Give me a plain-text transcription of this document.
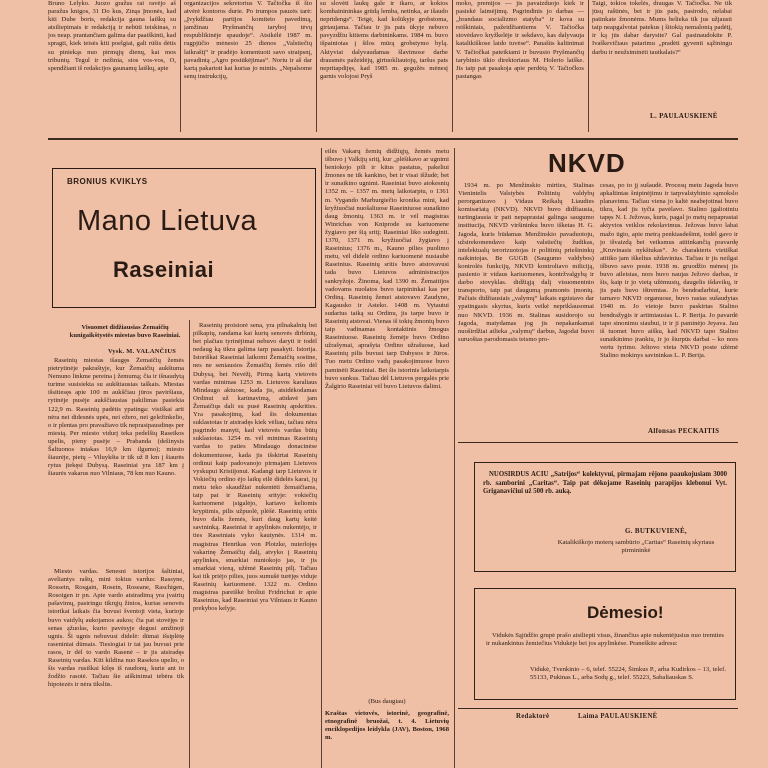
Bruno Lelyko. Juozo gražus rai ravėjo aš paražus knigos, 31 Do kus, Zinąs Įmonės, kad kiti Dube boris, redakcija gauna laiškų su atsiliepimais ir redakciją ir nebūti teiskinas, o jos neap. prantančiam galima dar paaiškinti, kad spragti, kiek teisės kiti poelgiai, gali rūšis dėtis su piniekąs nuo pirmųjų dienų, kai mos tribunių. Tegul ir nežinia, sios vos-vos, O, spendžiant iš redakcijos gaunamų laiškų, apie

organizacijos sekretorius V. Tačiočka iš šio atvėrė kontoros durie. Po trumpos pauzės tarė: „Įvykdžiau partijos komiteto pavedimą, įamžinau Pryšmančių taryboj tėvų respublikinėje spaudoje“. Atsikėlė 1987 m. rugpjūčio mėnesio 25 dienos „Valstiečių laikraštį“ ir pradėjo komentuoti savo straipsnį, pavadintą „Agro postūkėjimas“. Noriu ir aš dar kartą pakartoti kai kurias jo mintis. „Nepalsome senų instrukcijų,

su slovėti laukų gale ir ikaro, ar kokios kombainininkas grūdą lemba, netinka, ar išaudo nepridengs“. Teigė, kad kolūkyje grobstoma, girtaujama. Tačiau ir jis pats ūkyje nebuvo pavyzdžiu kitiems darbininkams. 1984 m. buvo išpainiotas į šilos mūrą grobstymo bylą. Aktyviai dalyvaudamas šlavimose darbe drausmės pažeidėjų, girtuokliautojų, taršus pats nepritapdijęs, kad 1985 m. gegužės mėnesį garnis volojosi Pryš

moko, premijos — jis pavaizduojo kiek ir pasiekė laimėjimų. Pagrindinis jo darbas — „brandaus socializmo statyba“ ir kova su reiškiniais, pažeidžiantiems V. Tačiočka stovėdavo kryžkelėje ir sekdavo, kas dalyvauja katalikiškose laido tuvėse“. Panašūs kaltinimai V. Tačiočkai pateikiami ir buvusio Pryšmančių tarybinio ūkio direktoriaus M. Holerio laiške. Jis taip pat pasakoja apie perdėtą V. Tačiočkos pastangas

Taigi, tokios tokelės, draugas V. Tačiočka. Ne tik jūsų raštinės, bet ir jūs pats, pasirodo, nelabai patinkate žmonėms. Mums belieka tik jus užjausti taip neapgalvotai patekus į šitokią nemalonią padėtį, ir ką jūs dabar darysite? Gal pasinaudokite P. Ivaškevičiaus patarimu „pradėti gyventi sąžiningu darbu ir neužsiminėti tautkalais?“

L. PAULAUSKIENĖ
BRONIUS KVIKLYS
Mano Lietuva
Raseiniai
Visuomet didžiausias Žemaičių kunigaikštystės miestas buvo Raseiniai.
Vysk. M. VALANČIUS

Raseinių miestas išaugęs Žemaičių žemės pietrytinėje pakraštyje, kur Žemaičių aukštuma Nemuno linkme pereina į žemumą; čia ir išnaudytą turime susisiekta su aukštiausias taškais. Miestas išsitiesęs apie 100 m aukščiau jūros paviršiaus, rytinėje pusėje aukščiausias pakilimas pasiekia 122,9 m. Raseinių padėtis ypatinga: visiškai arti nėra nei didesnės upės, nei ežero, nei geležinkelio, o ir plentas pro pravažiavo tik neprasipausdinęs per miestą. Per miesto vidurį teka pedelšių Raseikos upelis, pieny pusėje – Prabanda (dešinysis Šaltuonos intakas 16,9 km ilgumo); miesto šiaurėje, pietų – Viluykšta ir tik už 8 km į šiaurės rytus įtekęsi Dubysą. Raseiniai yra 187 km į šiaurės vakarus nuo Vilniaus, 78 km nuo Kauno.

Miesto vardas. Senesni istorijos šaltiniai, aveliantys raštų, mini tokius vardus: Rassyne, Rossein, Rosgain, Rosein, Roseane, Raschigen, Rosoigen ir pn. Apie vardo atsiradimą yra įvairių pašavimų, pasiringu tikrųjų žinios, kurias senovės istorikai laikais čia buvusi šventoji vieta, kurioje buvo vaidylų aukojamos aukos; čia pat stovėjęs ir senas ąžuolas, kurio pavėsyje degusi amžinoji ugnis. Ši ugnis nebuvusi didelė: dūmai išsiplėtę raseniniai dūmais. Tiesiogiai ir tai jau buvusi prie rasos, ir dėl to vardo Rasenė – ir jis atsiradęs Raseinių vardas. Kiti kildina nuo Rasekos upelio, o šis vardas rusiškai kilęs iš raudonų, kurie ant to žodžio rasotė. Tačiau šie aiškinimai tebėra tik hipotezės ir nėra tikslūs.

Raseinių proistorė sena, yra pilnakalnių bei pilkapių, randama kai kurių senovės dirbinių, bet plačiau tyrinėjimai nebuvo daryti ir todėl nedaug ką tikra galima tarp pasakyti. Istorija. Istoriškai Raseiniai laikomi Žemaičių sostine, nes ne seniausios Žemaičių žemės rišo dėl Dubysą, bet Nevėžį, Pirmą kartą vietovės vardas minimas 1253 m. Lietuvos karaliaus Mindaugo aktuose, kada jis, atsidėkodamas Ordinui už karūnavimą, atidavė jam Žemaičiųs dali su pusė Raseinių apskrities. Yra pasakojimų, kad šis dokumentas suklastotas ir atsiradęs kiek vėliau, tačiau nėra pagrindo manyti, kad vietovės vardas būtų suklastotas. 1254 m. vėl minimas Raseinių vardas to paties Mindaugo donacinėse dokumentuose, kada jis išskirtai Raseinių ordinui kaip padovanojo pirmajam Lietuvos vyskupui Kristijonui. Kadangi tarp Lietuvos ir Vokiečių ordino ėjo laikų eilė didelės karai, jų metu teko skaudžiai nukentėti žemaičiams, taip pat ir Raseinių srityje: vokiečių kariuomenė įsigalėjo, kariavo keliomis kryptimis, pilis užpuolė, plėšė. Raseinių sritis buvo dalis žemės, kuri daug kartų keitė savininką. Raseiniai ir apylinkės nukentėjo, ir ties Raseiniais vyko kautynės. 1314 m. magistras Henrikas von Plotzke, nuterlojęs vakarinę Žemaičių dalį, atvyko į Raseinių apylinkes, smarkiai nuniokojo jas, ir jis smarkiai vieną, užėmė Raseinių pilį. Tačiau kai tik priėjo pilies, juos sumušė turėjęs viduje Raseinių kariuomenė. 1322 m. Ordino magistras pareiškė broliui Fridrichui ir apie Raseinius, kad Raseiniai yra Vilniaus ir Kauno prekybos kelyje.

eilės Vakarų žemių didžiųjų, žemės metu išbuvo į Valkijų sritį, kur „plėšikavo ar ugnimi beniokojo pili ir kitus pastatus, pakeliui žmones ne tik kankino, bet ir visai išžudė; bet ir sunaikino ugnimi. Raseiniai buvo atokesnių 1352 m. – 1357 m. metų laikotarpiu, o 1361 m. Vygando Marburgiečio kronika mini, kad kryžiuočiai nuošaliuose Raseiniuose sunaikino daug žmonių. 1363 m. ir vėl magistras Winrichas von Kniprode su kariuomene žygiavo per šią sritį; Raseiniai liko sudeginti. 1370, 1371 m. kryžiuočiai žygiavo į Raseinius; 1376 m., Kauno pilies puolimo metu, vėl didelė ordino kariuomenė nusiaubė Raseinius. Raseinių sritis buvo atstovavusi tada buvo Lietuvos administracijos sankryžoje. Žinoma, kad 1390 m. Žemaitijos vadovams nuolatos buvo tarpininkai kas per Ordiną. Raseinių žemei atstovavo Zaudyno, Kagausko ir Asteko. 1408 m. Vytautui sudarius taiką su Ordinu, jis tarpe buvo ir Raseinių atstovai. Vienas iš tokių žmonių buvo taip vadinamas kontaktinis žmogus Raseiniuose. Raseinių žemėje buvo Ordino užrašymai, aprašyta Ordino užrašuose, kad Raseinių pilis buvusi tarp Dubysos ir Jūros. Tuo metu Ordino vadų pasakojimuose buvo paminėti Raseiniai. Bet šis istorinis laikotarpis buvo sunkus. Tačiau dėl Lietuvos pergalės prie Žalgirio Raseiniai vėl buvo Lietuvos dalimi.

(Bus daugiau)
Kraštas vietovės, istorinė, geografinė, etnografinė bruožai, t. 4. Lietuvių enciklopedijos leidykla (JAV), Boston, 1968 m.
NKVD

1934 m. po Menžinskio mirties, Stalinas Vienintelis Valstybės Politinių valdybų perorganizavo į Vidaus Reikalų Liaudies komisariatą (NKVD). NKVD buvo didžiausia, turtingiausia ir pati nepaprastai galinga saugumo institucija, NKVD viršininku buvo išketas H. G. Jagoda, kuris būdamas Menžinskio pavaduotoju, užsirekomendavo kaip valstiečių žudikas, intelektualų terorizuotojas ir politinių priešininkų naikintojas. Be GUGB (Saugumo valdybos) kontrolės funkcijų, NKVD kontroliavo miliciją, pasienio ir vidaus kariuomenes, kontržvalgybą ir darbo stovyklas. didžiąją dalį visuomeninio transporto, taip pat daugumą pramonės įmonių. Pačiais didžiausiais „valymų“ laikais egzistavo dar ypatingasis skyrius, kuris veikė nepriklausomai nuo NKVD. 1936 m. Stalinas susidorojo su Jagoda, matydamas jog jis nepakankamai nuoširdžiai atlieka „valymų“ darbus, Jagodai buvo suruoštas parodomasis teismo pro-

cesas, po to jį sušaudė. Procesų metu Jagoda buvo apkaltintas šnipinėjimu ir tarpvalstybinio sąmokslo planavimu. Tačiau viena jo kaltė neabejotinai buvo tikra, kad jis tyčia pavėlavo. Stalino įgaliotiniu tapęs N. I. Ježovas, kuris, pagal jo metų nepaprastai aktyvios veiklos rekolavimus. Ježovas buvo labai mažo ūgio, apie metrą penkiasdešimt, todėl gavo ir jo išvaizdą bei veiksmus atitinkančią pravardę „Kruvinasis nykštukas“. Jo charakteris vietiškai atitiko jam iškeltus uždavinius. Tačiau ir jis neilgai išbuvo savo poste. 1938 m. gruodžio mėnesį jis buvo atleistas, nors buvo naujas Ježovo darbas, ir šis, kaip ir jo vietą užėmusių, daugelis išdavikų, ir jis pats buvo ištremtas. Jo bendradarbiai, kurie tarnavo NKVD organuose, buvo rastas sušaudytas 1940 m. Jo vietoje buvo paskirtas Stalino bendražygis ir artimiausias L. P. Berija. Jo pavardė tapo sinonimu siaubui, ir ir ji paminėjo Jeyava. Jau iš tuomet buvo aišku, kad NKVD tapo Stalino sunaikinimo įrankiu, ir jo šiurpūs darbai – ko nors vertu tyrimo. Jeltovo vieta NKVD poste užėmė Stalino mokinys savininkas L. P. Berija.

Alfonsas PECKAITIS

NUOSIRDUS ACIU „Satrijos“ kolektyvui, pirmajam rėjono paaukojusiam 3000 rb. samborini „Caritas“. Taip pat dėkojame Raseinių parapijos klebonui Vyt. Griganavičiui už 500 rb. auką.

G. BUTKUVIENĖ,
Katalikiškojo moterų sambūrio „Caritas“ Raseinių skyriaus pirmininkė
Dėmesio!

Vidukės Sąjūdžio grupė prašo atsiliepti visus, žinančius apie nukentėjusius nuo tremties ir nukankintus žemiečius Vidukėje bei jos apylinkėse. Praneškite adresu:

Vidukė, Tvenkinio – 6, telef. 55224, Šimkus P., arba Kudirkos – 13, telef. 55133, Pukinas L., arba Sodų g., telef. 55223, Sabaliauskas S.

Redaktorė	Laima PAULAUSKIENĖ
